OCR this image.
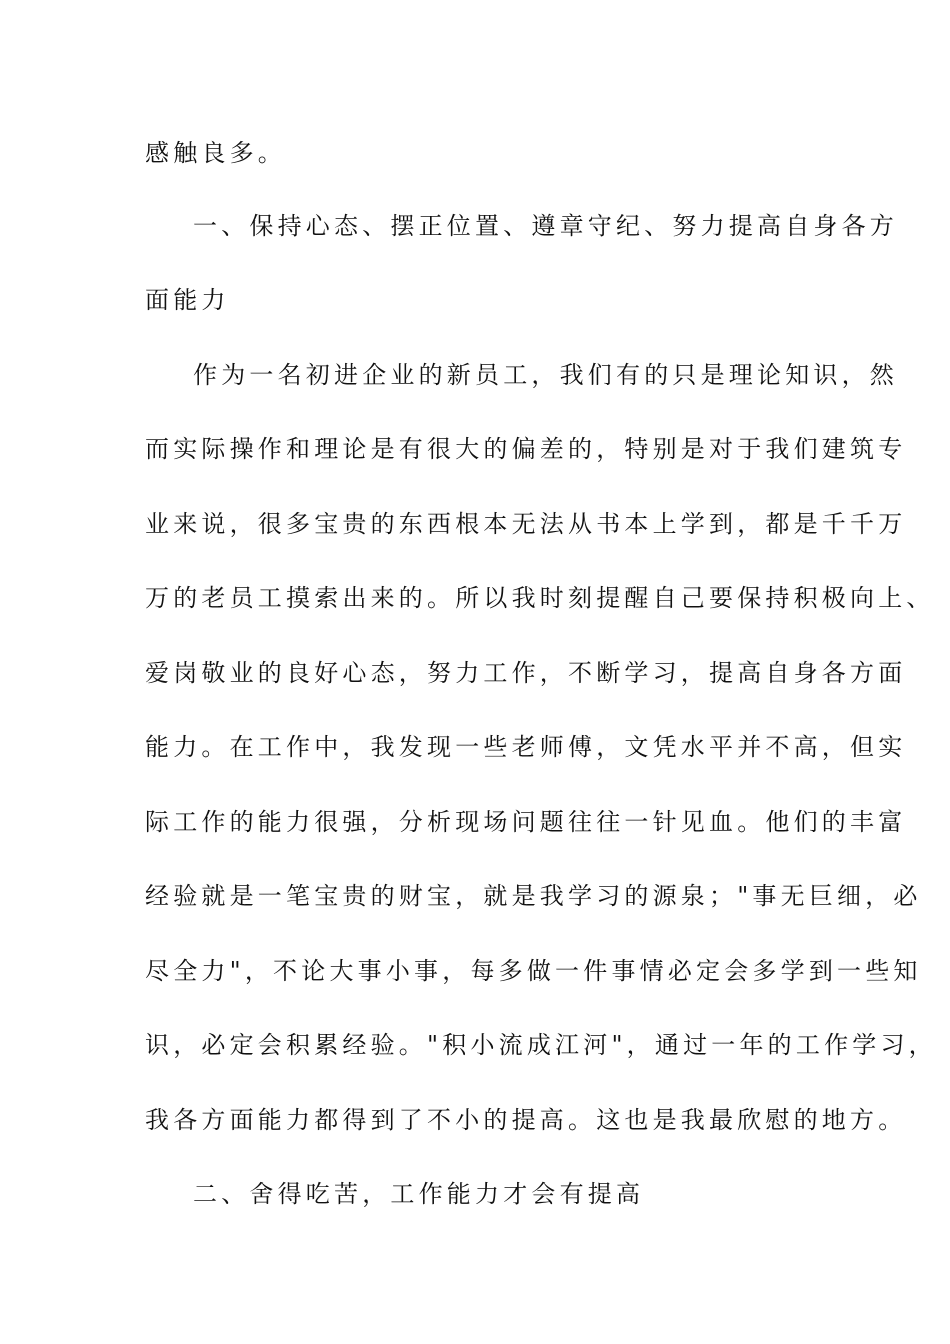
感触良多。
一、保持心态、摆正位置、遵章守纪、努力提高自身各方
面能力
作为一名初进企业的新员工，我们有的只是理论知识，然
而实际操作和理论是有很大的偏差的，特别是对于我们建筑专
业来说，很多宝贵的东西根本无法从书本上学到，都是千千万
万的老员工摸索出来的。所以我时刻提醒自己要保持积极向上、
爱岗敬业的良好心态，努力工作，不断学习，提高自身各方面
能力。在工作中，我发现一些老师傅，文凭水平并不高，但实
际工作的能力很强，分析现场问题往往一针见血。他们的丰富
经验就是一笔宝贵的财宝，就是我学习的源泉；"事无巨细，必
尽全力"，不论大事小事，每多做一件事情必定会多学到一些知
识，必定会积累经验。"积小流成江河"，通过一年的工作学习，
我各方面能力都得到了不小的提高。这也是我最欣慰的地方。
二、舍得吃苦，工作能力才会有提高
